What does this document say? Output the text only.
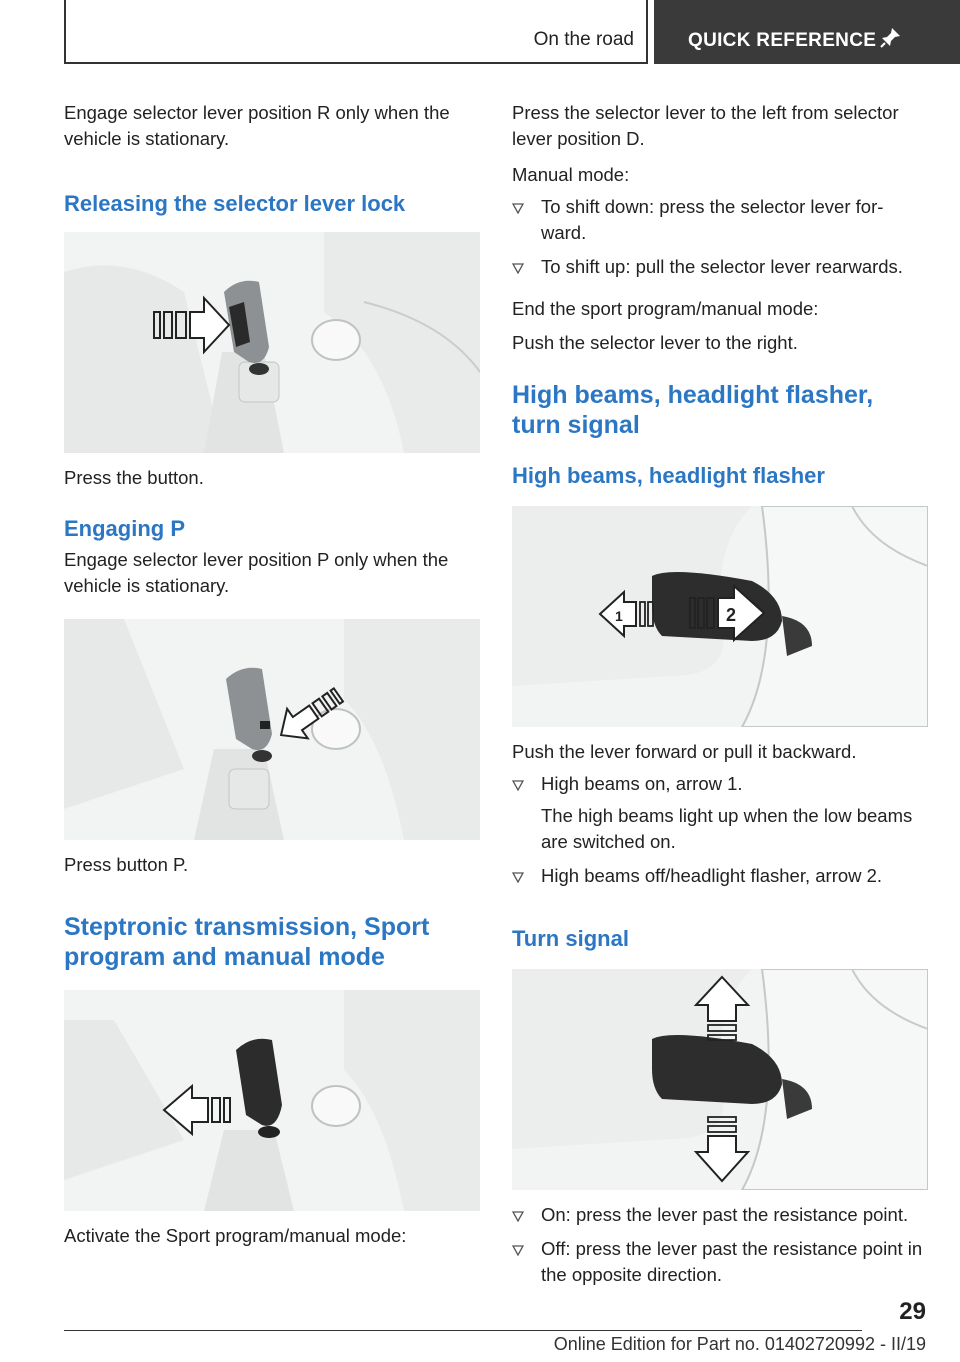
On the road	QUICK REFERENCE

Engage selector lever position R only when the vehicle is stationary.

Releasing the selector lever lock

Press the button.

Engaging P

Engage selector lever position P only when the vehicle is stationary.

Press button P.

Steptronic transmission, Sport program and manual mode

Activate the Sport program/manual mode:

Press the selector lever to the left from selector lever position D.

Manual mode:

To shift down: press the selector lever for-ward.
To shift up: pull the selector lever rearwards.

End the sport program/manual mode:

Push the selector lever to the right.

High beams, headlight flasher, turn signal
High beams, headlight flasher
1	2

Push the lever forward or pull it backward.

High beams on, arrow 1.
The high beams light up when the low beams are switched on.
High beams off/headlight flasher, arrow 2.
Turn signal
On: press the lever past the resistance point.
Off: press the lever past the resistance point in the opposite direction.
29
Online Edition for Part no. 01402720992 - II/19
